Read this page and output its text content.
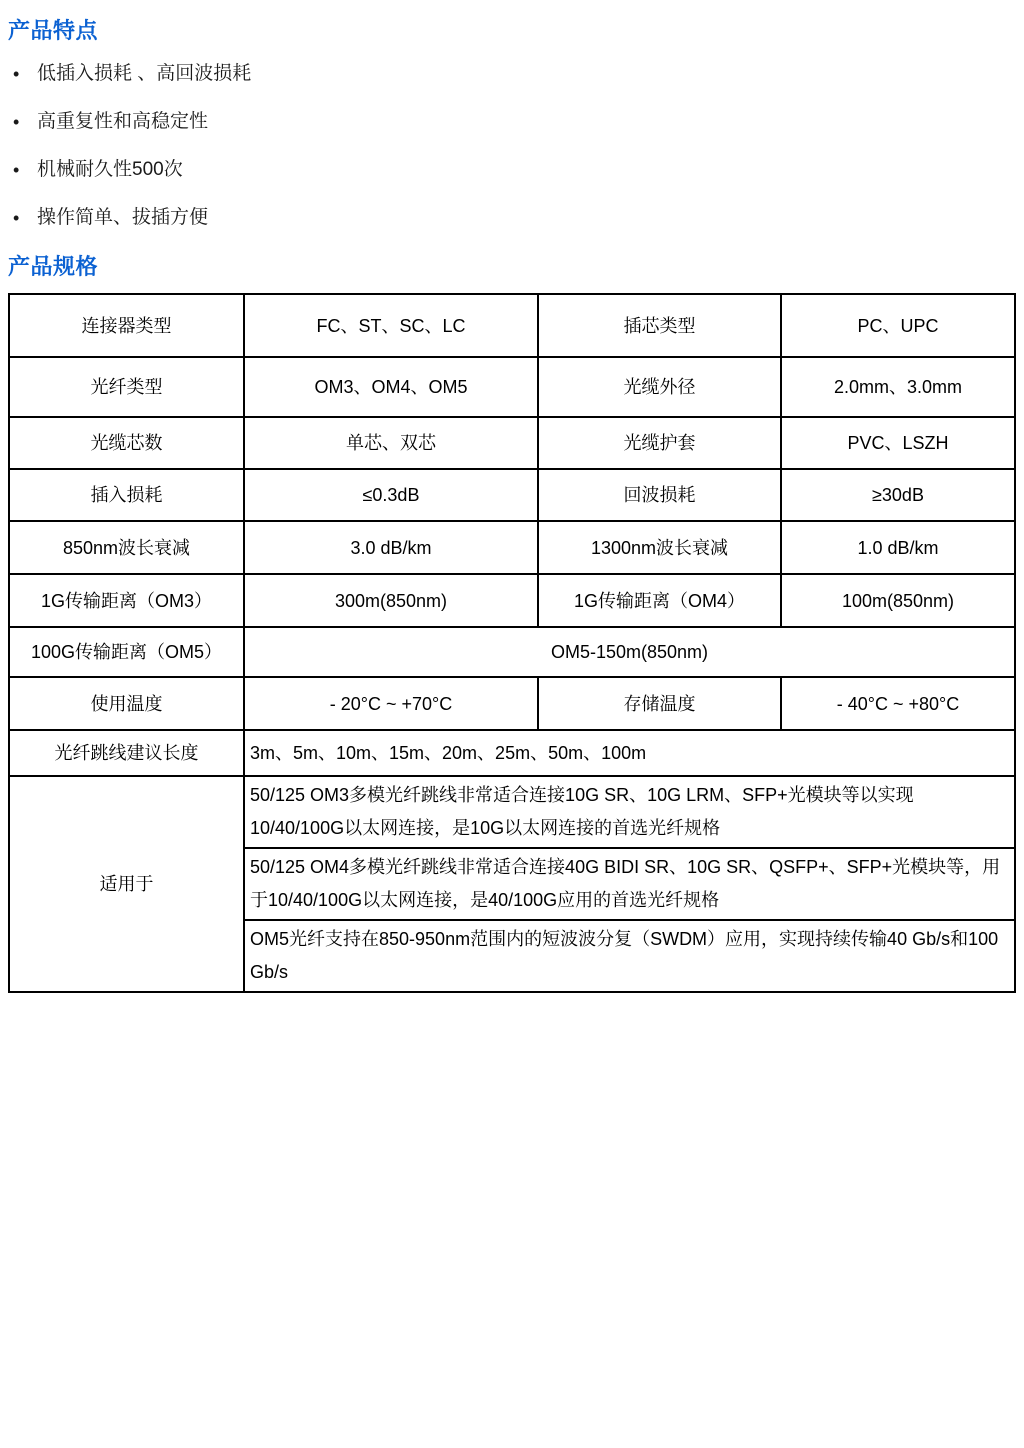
产品特点
• 低插入损耗 、高回波损耗
• 高重复性和高稳定性
• 机械耐久性500次
• 操作简单、拔插方便
产品规格
连接器类型	FC、ST、SC、LC	插芯类型	PC、UPC
光纤类型	OM3、OM4、OM5	光缆外径	2.0mm、3.0mm
光缆芯数	单芯、双芯	光缆护套	PVC、LSZH
插入损耗	≤0.3dB	回波损耗	≥30dB
850nm波长衰减	3.0 dB/km	1300nm波长衰减	1.0 dB/km
1G传输距离（OM3）	300m(850nm)	1G传输距离（OM4）	100m(850nm)
100G传输距离（OM5）	OM5-150m(850nm)		
使用温度	- 20°C ~ +70°C	存储温度	- 40°C ~ +80°C
光纤跳线建议长度	3m、5m、10m、15m、20m、25m、50m、100m		
适用于	50/125 OM3多模光纤跳线非常适合连接10G SR、10G LRM、SFP+光模块等以实现10/40/100G以太网连接，是10G以太网连接的首选光纤规格		
	50/125 OM4多模光纤跳线非常适合连接40G BIDI SR、10G SR、QSFP+、SFP+光模块等，用于10/40/100G以太网连接，是40/100G应用的首选光纤规格		
	OM5光纤支持在850-950nm范围内的短波波分复（SWDM）应用，实现持续传输40 Gb/s和100 Gb/s		
